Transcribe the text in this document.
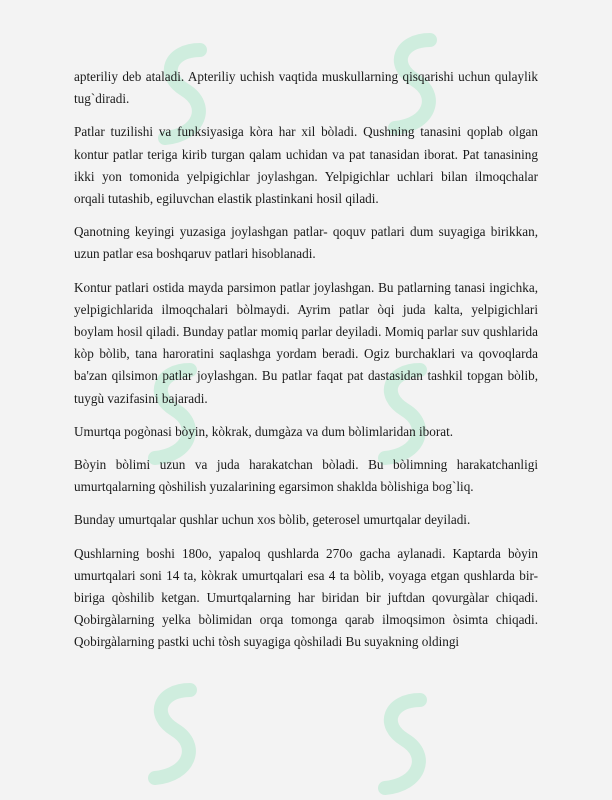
apteriliy deb ataladi. Apteriliy uchish vaqtida muskullarning qisqarishi uchun qulaylik tug`diradi.

Patlar tuzilishi va funksiyasiga kòra har xil bòladi. Qushning tanasini qoplab olgan kontur patlar teriga kirib turgan qalam uchidan va pat tanasidan iborat. Pat tanasining ikki yon tomonida yelpigichlar joylashgan. Yelpigichlar uchlari bilan ilmoqchalar orqali tutashib, egiluvchan elastik plastinkani hosil qiladi.

Qanotning keyingi yuzasiga joylashgan patlar- qoquv patlari dum suyagiga birikkan, uzun patlar esa boshqaruv patlari hisoblanadi.

Kontur patlari ostida mayda parsimon patlar joylashgan. Bu patlarning tanasi ingichka, yelpigichlarida ilmoqchalari bòlmaydi. Ayrim patlar òqi juda kalta, yelpigichlari boylam hosil qiladi. Bunday patlar momiq parlar deyiladi. Momiq parlar suv qushlarida kòp bòlib, tana haroratini saqlashga yordam beradi. Ogiz burchaklari va qovoqlarda ba'zan qilsimon patlar joylashgan. Bu patlar faqat pat dastasidan tashkil topgan bòlib, tuygù vazifasini bajaradi.

Umurtqa pogònasi bòyin, kòkrak, dumgàza va dum bòlimlaridan iborat.

Bòyin bòlimi uzun va juda harakatchan bòladi. Bu bòlimning harakatchanligi umurtqalarning qòshilish yuzalarining egarsimon shaklda bòlishiga bog`liq.

Bunday umurtqalar qushlar uchun xos bòlib, geterosel umurtqalar deyiladi.

Qushlarning boshi 180o, yapaloq qushlarda 270o gacha aylanadi. Kaptarda bòyin umurtqalari soni 14 ta, kòkrak umurtqalari esa 4 ta bòlib, voyaga etgan qushlarda bir-biriga qòshilib ketgan. Umurtqalarning har biridan bir juftdan qovurgàlar chiqadi. Qobirgàlarning yelka bòlimidan orqa tomonga qarab ilmoqsimon òsimta chiqadi. Qobirgàlarning pastki uchi tòsh suyagiga qòshiladi Bu suyakning oldingi
